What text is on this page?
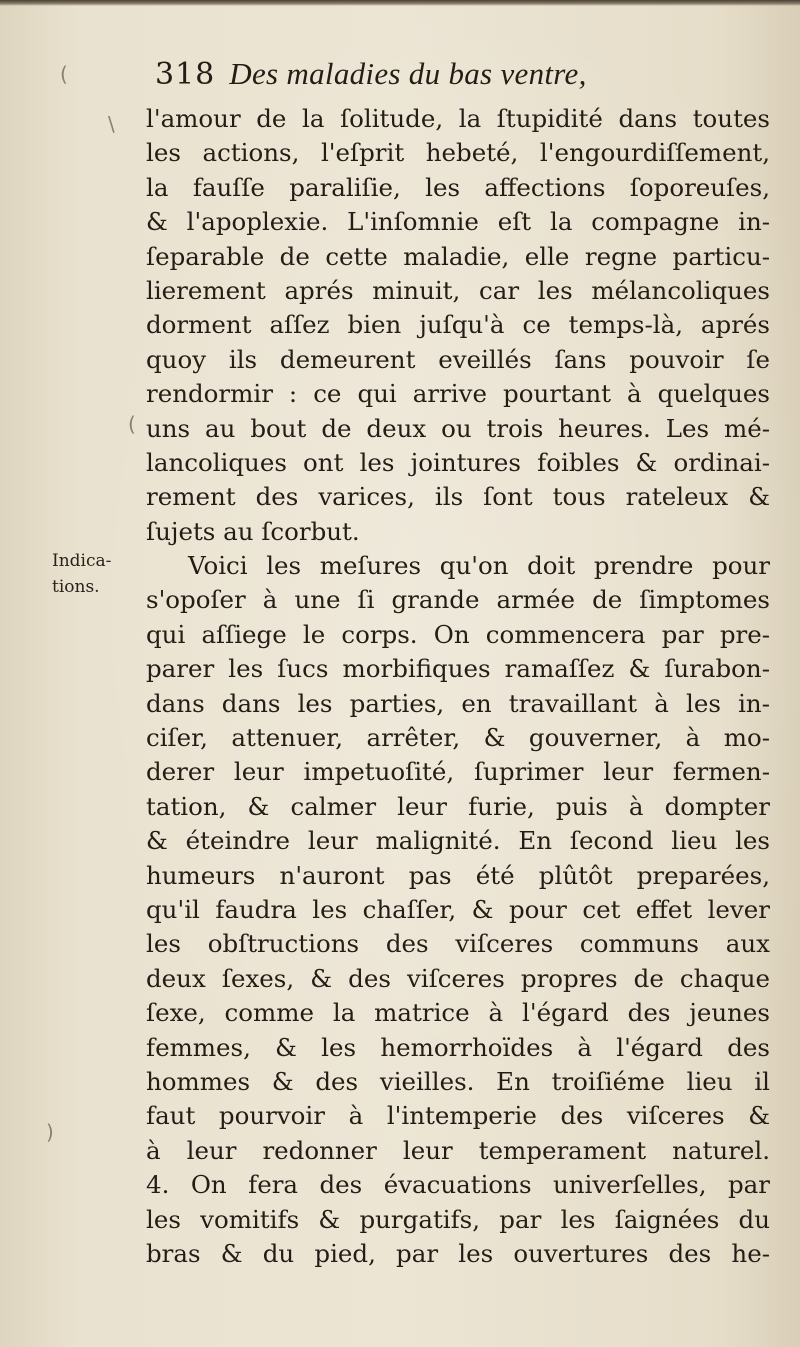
318 Des maladies du bas ventre,
Indica-
tions.
(
\
(
)
l'amour de la ſolitude, la ſtupidité dans toutes
les actions, l'eſprit hebeté, l'engourdiſſement,
la fauſſe paraliſie, les affections ſoporeuſes,
& l'apoplexie. L'inſomnie eſt la compagne in-
ſeparable de cette maladie, elle regne particu-
lierement aprés minuit, car les mélancoliques
dorment aſſez bien juſqu'à ce temps-là, aprés
quoy ils demeurent eveillés ſans pouvoir ſe
rendormir : ce qui arrive pourtant à quelques
uns au bout de deux ou trois heures. Les mé-
lancoliques ont les jointures foibles & ordinai-
rement des varices, ils ſont tous rateleux &
ſujets au ſcorbut.
Voici les meſures qu'on doit prendre pour
s'opoſer à une ſi grande armée de ſimptomes
qui aſſiege le corps. On commencera par pre-
parer les ſucs morbifiques ramaſſez & ſurabon-
dans dans les parties, en travaillant à les in-
ciſer, attenuer, arrêter, & gouverner, à mo-
derer leur impetuoſité, ſuprimer leur fermen-
tation, & calmer leur furie, puis à dompter
& éteindre leur malignité. En ſecond lieu les
humeurs n'auront pas été plûtôt preparées,
qu'il faudra les chaſſer, & pour cet effet lever
les obſtructions des viſceres communs aux
deux ſexes, & des viſceres propres de chaque
ſexe, comme la matrice à l'égard des jeunes
femmes, & les hemorrhoïdes à l'égard des
hommes & des vieilles. En troiſiéme lieu il
faut pourvoir à l'intemperie des viſceres &
à leur redonner leur temperament naturel.
4. On fera des évacuations univerſelles, par
les vomitifs & purgatifs, par les ſaignées du
bras & du pied, par les ouvertures des he-
